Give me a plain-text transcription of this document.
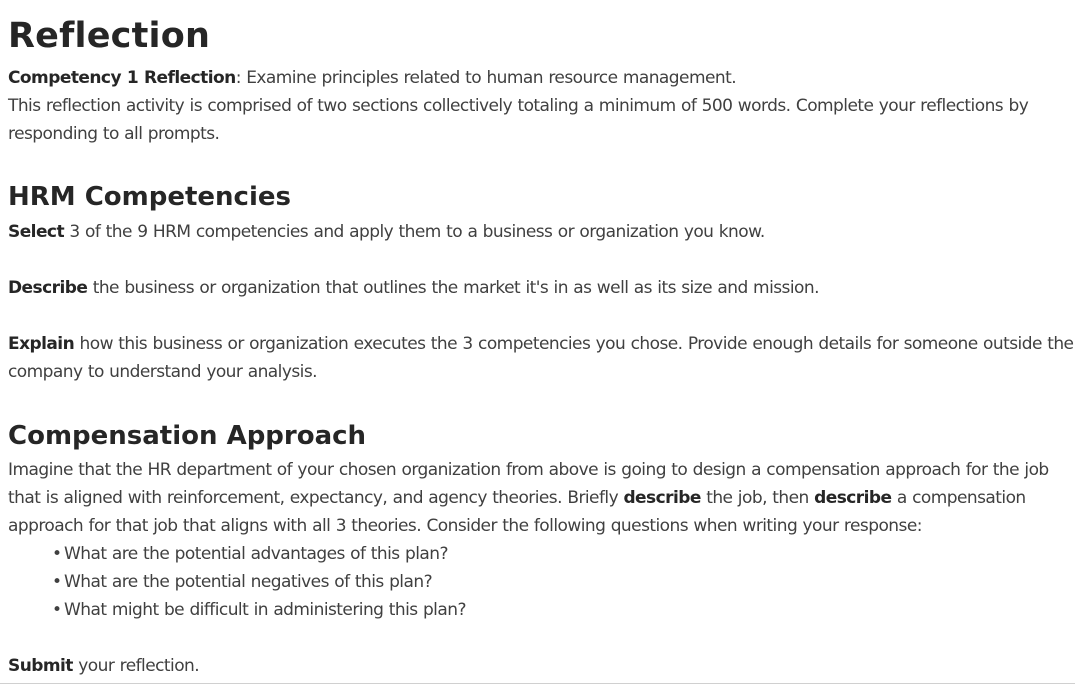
Reflection

Competency 1 Reflection: Examine principles related to human resource management.

This reflection activity is comprised of two sections collectively totaling a minimum of 500 words. Complete your reflections by

responding to all prompts.

HRM Competencies

Select 3 of the 9 HRM competencies and apply them to a business or organization you know.

Describe the business or organization that outlines the market it's in as well as its size and mission.

Explain how this business or organization executes the 3 competencies you chose. Provide enough details for someone outside the

company to understand your analysis.

Compensation Approach

Imagine that the HR department of your chosen organization from above is going to design a compensation approach for the job

that is aligned with reinforcement, expectancy, and agency theories. Briefly describe the job, then describe a compensation

approach for that job that aligns with all 3 theories. Consider the following questions when writing your response:

• What are the potential advantages of this plan?
• What are the potential negatives of this plan?
• What might be difficult in administering this plan?

Submit your reflection.
